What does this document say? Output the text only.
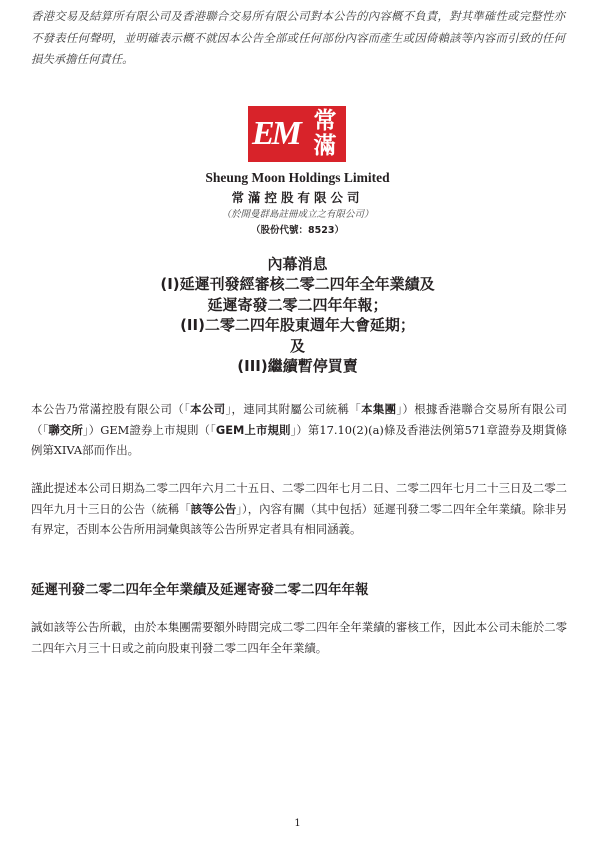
香港交易及結算所有限公司及香港聯合交易所有限公司對本公告的內容概不負責，對其準確性或完整性亦不發表任何聲明，並明確表示概不就因本公告全部或任何部份內容而產生或因倚賴該等內容而引致的任何損失承擔任何責任。
EM 常
滿
Sheung Moon Holdings Limited
常滿控股有限公司
（於開曼群島註冊成立之有限公司）
（股份代號：8523）
內幕消息
(I)延遲刊發經審核二零二四年全年業績及
延遲寄發二零二四年年報；
(II)二零二四年股東週年大會延期；
及
(III)繼續暫停買賣
本公告乃常滿控股有限公司（「本公司」，連同其附屬公司統稱「本集團」）根據香港聯合交易所有限公司（「聯交所」）GEM證券上市規則（「GEM上市規則」）第17.10(2)(a)條及香港法例第571章證券及期貨條例第XIVA部而作出。
謹此提述本公司日期為二零二四年六月二十五日、二零二四年七月二日、二零二四年七月二十三日及二零二四年九月十三日的公告（統稱「該等公告」），內容有關（其中包括）延遲刊發二零二四年全年業績。除非另有界定，否則本公告所用詞彙與該等公告所界定者具有相同涵義。
延遲刊發二零二四年全年業績及延遲寄發二零二四年年報
誠如該等公告所載，由於本集團需要額外時間完成二零二四年全年業績的審核工作，因此本公司未能於二零二四年六月三十日或之前向股東刊發二零二四年全年業績。
1
